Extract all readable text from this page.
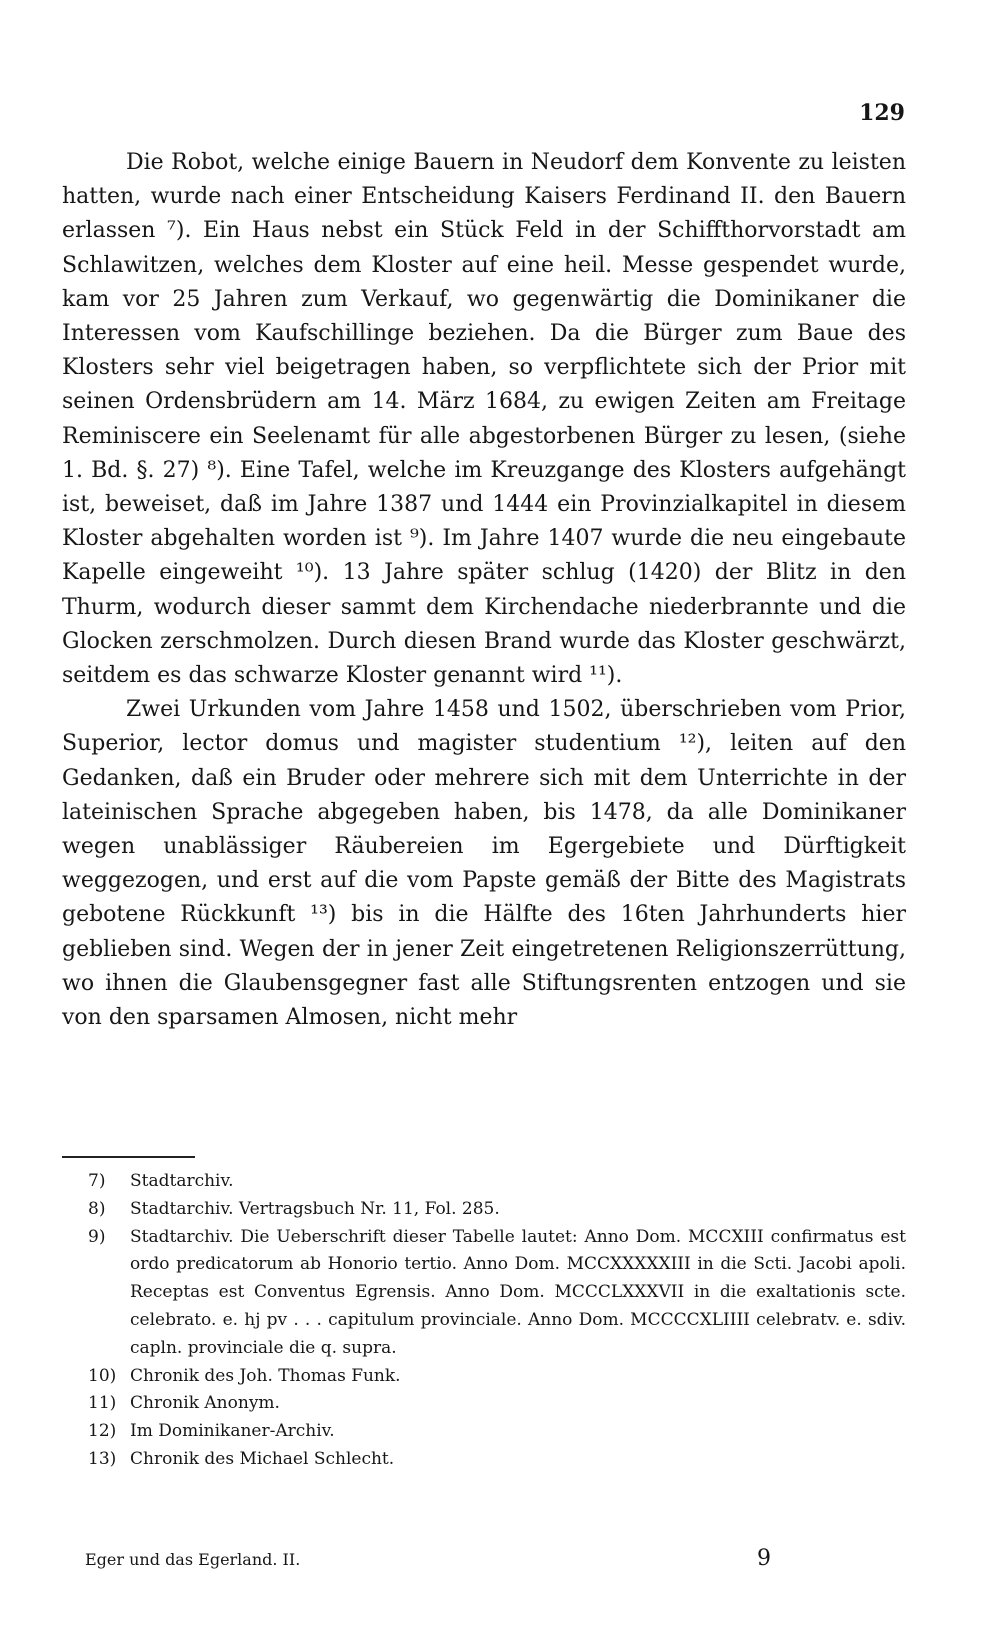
129

Die Robot, welche einige Bauern in Neudorf dem Konvente zu leisten hatten, wurde nach einer Entscheidung Kaisers Ferdinand II. den Bauern erlassen ⁷). Ein Haus nebst ein Stück Feld in der Schiffthorvorstadt am Schlawitzen, welches dem Kloster auf eine heil. Messe gespendet wurde, kam vor 25 Jahren zum Verkauf, wo gegenwärtig die Dominikaner die Interessen vom Kaufschillinge beziehen. Da die Bürger zum Baue des Klosters sehr viel beigetragen haben, so verpflichtete sich der Prior mit seinen Ordensbrüdern am 14. März 1684, zu ewigen Zeiten am Freitage Reminiscere ein Seelenamt für alle abgestorbenen Bürger zu lesen, (siehe 1. Bd. §. 27) ⁸). Eine Tafel, welche im Kreuzgange des Klosters aufgehängt ist, beweiset, daß im Jahre 1387 und 1444 ein Provinzialkapitel in diesem Kloster abgehalten worden ist ⁹). Im Jahre 1407 wurde die neu eingebaute Kapelle eingeweiht ¹⁰). 13 Jahre später schlug (1420) der Blitz in den Thurm, wodurch dieser sammt dem Kirchendache niederbrannte und die Glocken zerschmolzen. Durch diesen Brand wurde das Kloster geschwärzt, seitdem es das schwarze Kloster genannt wird ¹¹).

Zwei Urkunden vom Jahre 1458 und 1502, überschrieben vom Prior, Superior, lector domus und magister studentium ¹²), leiten auf den Gedanken, daß ein Bruder oder mehrere sich mit dem Unterrichte in der lateinischen Sprache abgegeben haben, bis 1478, da alle Dominikaner wegen unablässiger Räubereien im Egergebiete und Dürftigkeit weggezogen, und erst auf die vom Papste gemäß der Bitte des Magistrats gebotene Rückkunft ¹³) bis in die Hälfte des 16ten Jahrhunderts hier geblieben sind. Wegen der in jener Zeit eingetretenen Religionszerrüttung, wo ihnen die Glaubensgegner fast alle Stiftungsrenten entzogen und sie von den sparsamen Almosen, nicht mehr

7)	Stadtarchiv.
8)	Stadtarchiv. Vertragsbuch Nr. 11, Fol. 285.
9)	Stadtarchiv. Die Ueberschrift dieser Tabelle lautet: Anno Dom. MCCXIII confirmatus est ordo predicatorum ab Honorio tertio. Anno Dom. MCCXXXXXIII in die Scti. Jacobi apoli. Receptas est Conventus Egrensis. Anno Dom. MCCCLXXXVII in die exaltationis scte. celebrato. e. hj pv . . . capitulum provinciale. Anno Dom. MCCCCXLIIII celebratv. e. sdiv. capln. provinciale die q. supra.
10) Chronik des Joh. Thomas Funk.
11) Chronik Anonym.
12) Im Dominikaner-Archiv.
13) Chronik des Michael Schlecht.
Eger und das Egerland. II.	9
